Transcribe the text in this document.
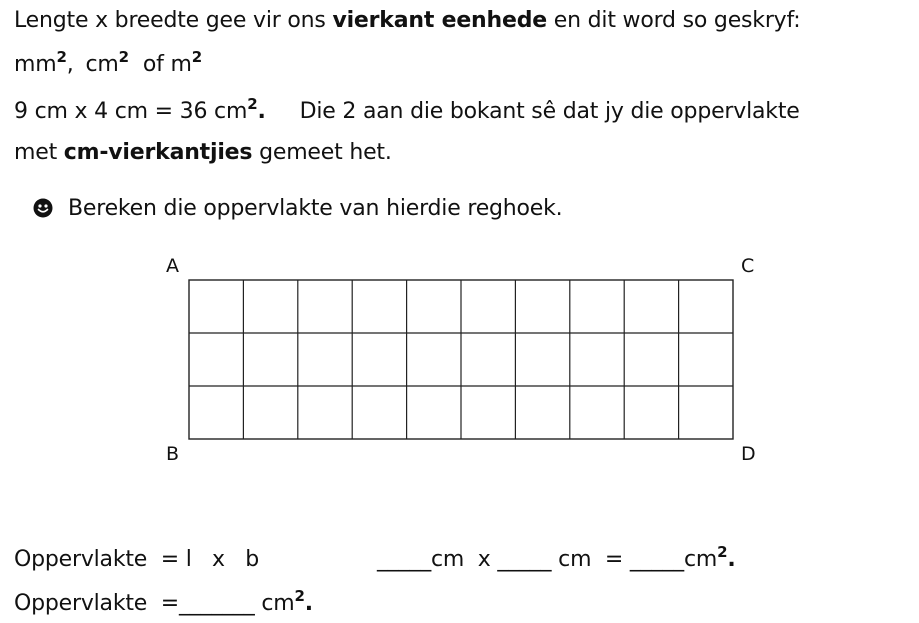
Lengte x breedte gee vir ons vierkant eenhede en dit word so geskryf:
$mm^2$, $cm^2$ of $m^2$
9 cm x 4 cm = 36 $cm^2$. Die 2 aan die bokant sê dat jy die oppervlakte
met cm-vierkantjies gemeet het.
Bereken die oppervlakte van hierdie reghoek.
A	C
B	D
Oppervlakte  = l   x   b	_____cm  x _____ cm  = $\_\_\_\_\_cm^2$.
Oppervlakte  =_______ $cm^2$.
